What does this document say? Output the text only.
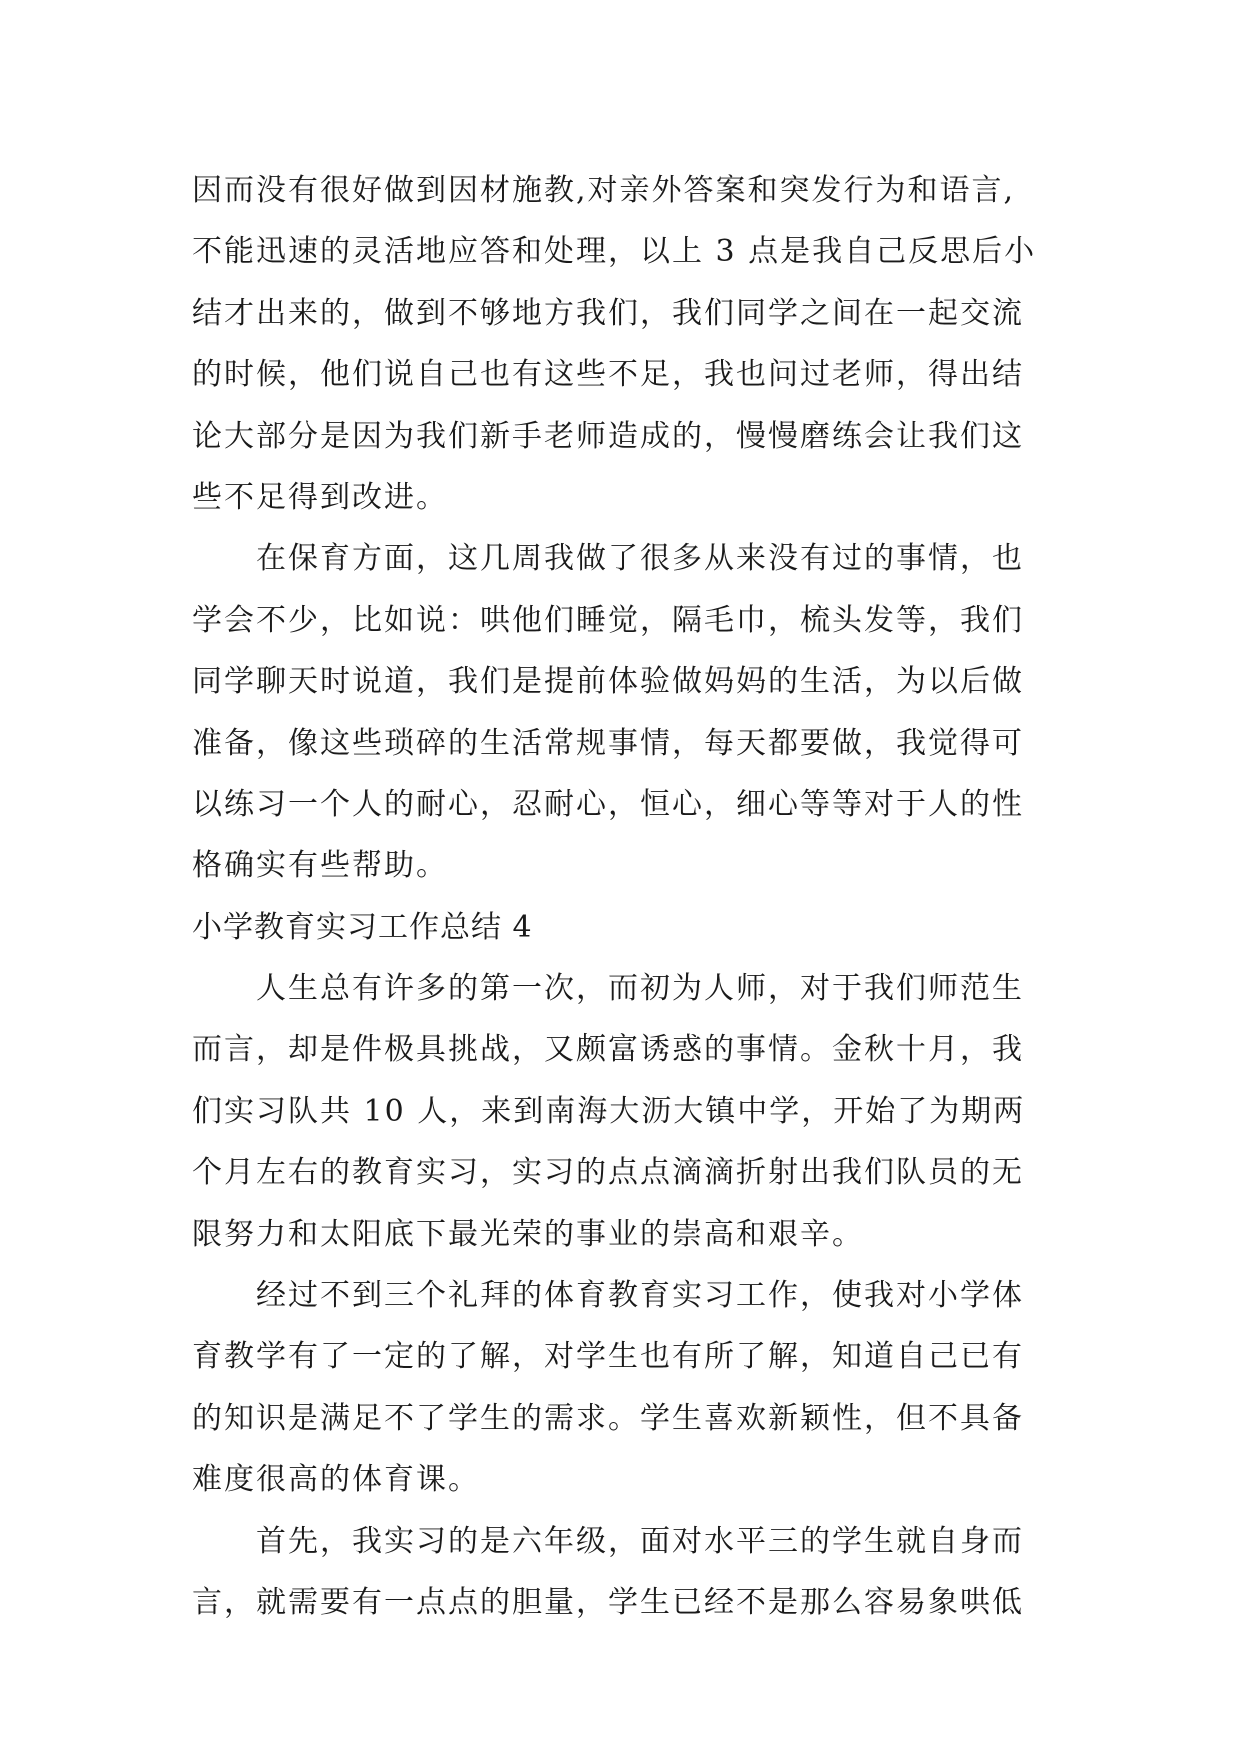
因而没有很好做到因材施教,对亲外答案和突发行为和语言,
不能迅速的灵活地应答和处理，以上 3 点是我自己反思后小
结才出来的，做到不够地方我们，我们同学之间在一起交流
的时候，他们说自己也有这些不足，我也问过老师，得出结
论大部分是因为我们新手老师造成的，慢慢磨练会让我们这
些不足得到改进。
在保育方面，这几周我做了很多从来没有过的事情，也
学会不少，比如说：哄他们睡觉，隔毛巾，梳头发等，我们
同学聊天时说道，我们是提前体验做妈妈的生活，为以后做
准备，像这些琐碎的生活常规事情，每天都要做，我觉得可
以练习一个人的耐心，忍耐心，恒心，细心等等对于人的性
格确实有些帮助。
小学教育实习工作总结 4
人生总有许多的第一次，而初为人师，对于我们师范生
而言，却是件极具挑战，又颇富诱惑的事情。金秋十月，我
们实习队共 10 人，来到南海大沥大镇中学，开始了为期两
个月左右的教育实习，实习的点点滴滴折射出我们队员的无
限努力和太阳底下最光荣的事业的崇高和艰辛。
经过不到三个礼拜的体育教育实习工作，使我对小学体
育教学有了一定的了解，对学生也有所了解，知道自己已有
的知识是满足不了学生的需求。学生喜欢新颖性，但不具备
难度很高的体育课。
首先，我实习的是六年级，面对水平三的学生就自身而
言，就需要有一点点的胆量，学生已经不是那么容易象哄低
